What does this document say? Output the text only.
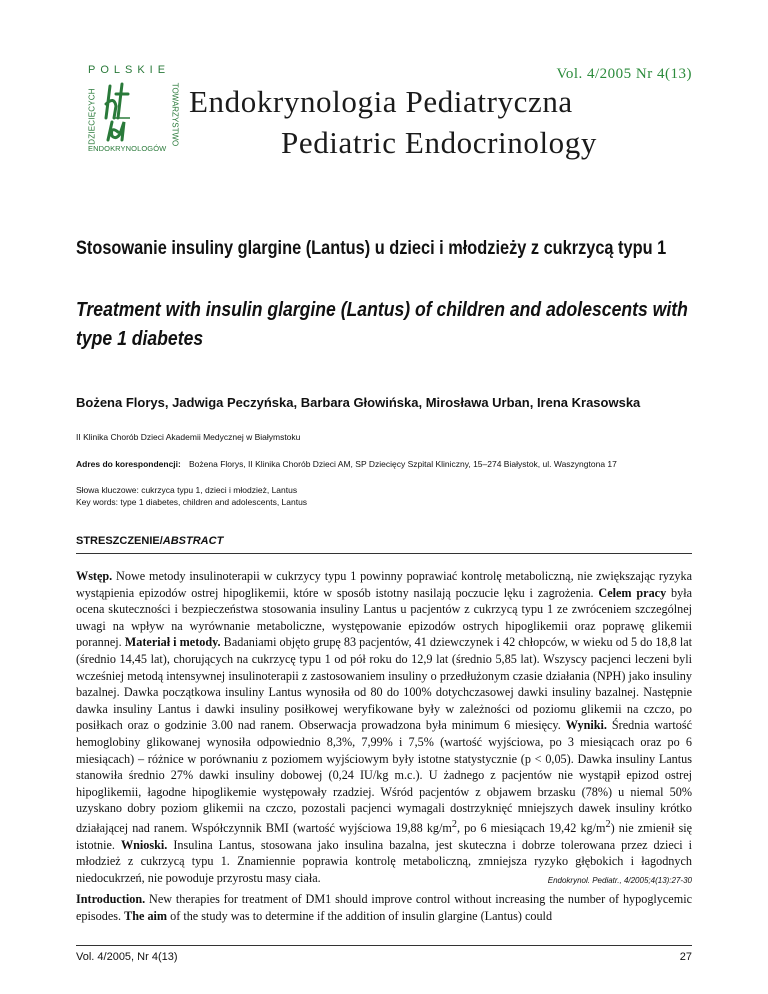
POLSKIE
DZIECIĘCYCH	TOWARZYSTWO
ENDOKRYNOLOGÓW
Vol. 4/2005 Nr 4(13)
Endokrynologia Pediatryczna
Pediatric Endocrinology
Stosowanie insuliny glargine (Lantus) u dzieci i młodzieży z cukrzycą typu 1
Treatment with insulin glargine (Lantus) of children and adolescents with type 1 diabetes
Bożena Florys, Jadwiga Peczyńska, Barbara Głowińska, Mirosława Urban, Irena Krasowska
II Klinika Chorób Dzieci Akademii Medycznej w Białymstoku
Adres do korespondencji: Bożena Florys, II Klinika Chorób Dzieci AM, SP Dziecięcy Szpital Kliniczny, 15–274 Białystok, ul. Waszyngtona 17
Słowa kluczowe: cukrzyca typu 1, dzieci i młodzież, Lantus
Key words: type 1 diabetes, children and adolescents, Lantus
STRESZCZENIE/ABSTRACT
Wstęp. Nowe metody insulinoterapii w cukrzycy typu 1 powinny poprawiać kontrolę metaboliczną, nie zwiększając ryzyka wystąpienia epizodów ostrej hipoglikemii, które w sposób istotny nasilają poczucie lęku i zagrożenia. Celem pracy była ocena skuteczności i bezpieczeństwa stosowania insuliny Lantus u pacjentów z cukrzycą typu 1 ze zwróceniem szczególnej uwagi na wpływ na wyrównanie metaboliczne, występowanie epizodów ostrych hipoglikemii oraz poprawę glikemii porannej. Materiał i metody. Badaniami objęto grupę 83 pacjentów, 41 dziewczynek i 42 chłopców, w wieku od 5 do 18,8 lat (średnio 14,45 lat), chorujących na cukrzycę typu 1 od pół roku do 12,9 lat (średnio 5,85 lat). Wszyscy pacjenci leczeni byli wcześniej metodą intensywnej insulinoterapii z zastosowaniem insuliny o przedłużonym czasie działania (NPH) jako insuliny bazalnej. Dawka początkowa insuliny Lantus wynosiła od 80 do 100% dotychczasowej dawki insuliny bazalnej. Następnie dawka insuliny Lantus i dawki insuliny posiłkowej weryfikowane były w zależności od poziomu glikemii na czczo, po posiłkach oraz o godzinie 3.00 nad ranem. Obserwacja prowadzona była minimum 6 miesięcy. Wyniki. Średnia wartość hemoglobiny glikowanej wynosiła odpowiednio 8,3%, 7,99% i 7,5% (wartość wyjściowa, po 3 miesiącach oraz po 6 miesiącach) – różnice w porównaniu z poziomem wyjściowym były istotne statystycznie (p < 0,05). Dawka insuliny Lantus stanowiła średnio 27% dawki insuliny dobowej (0,24 IU/kg m.c.). U żadnego z pacjentów nie wystąpił epizod ostrej hipoglikemii, łagodne hipoglikemie występowały rzadziej. Wśród pacjentów z objawem brzasku (78%) u niemal 50% uzyskano dobry poziom glikemii na czczo, pozostali pacjenci wymagali dostrzyknięć mniejszych dawek insuliny krótko działającej nad ranem. Współczynnik BMI (wartość wyjściowa 19,88 $kg/m^2$, po 6 miesiącach 19,42 $kg/m^2$) nie zmienił się istotnie. Wnioski. Insulina Lantus, stosowana jako insulina bazalna, jest skuteczna i dobrze tolerowana przez dzieci i młodzież z cukrzycą typu 1. Znamiennie poprawia kontrolę metaboliczną, zmniejsza ryzyko głębokich i łagodnych niedocukrzeń, nie powoduje przyrostu masy ciała.	Endokrynol. Pediatr., 4/2005;4(13):27-30
Introduction. New therapies for treatment of DM1 should improve control without increasing the number of hypoglycemic episodes. The aim of the study was to determine if the addition of insulin glargine (Lantus) could
Vol. 4/2005, Nr 4(13)	27
